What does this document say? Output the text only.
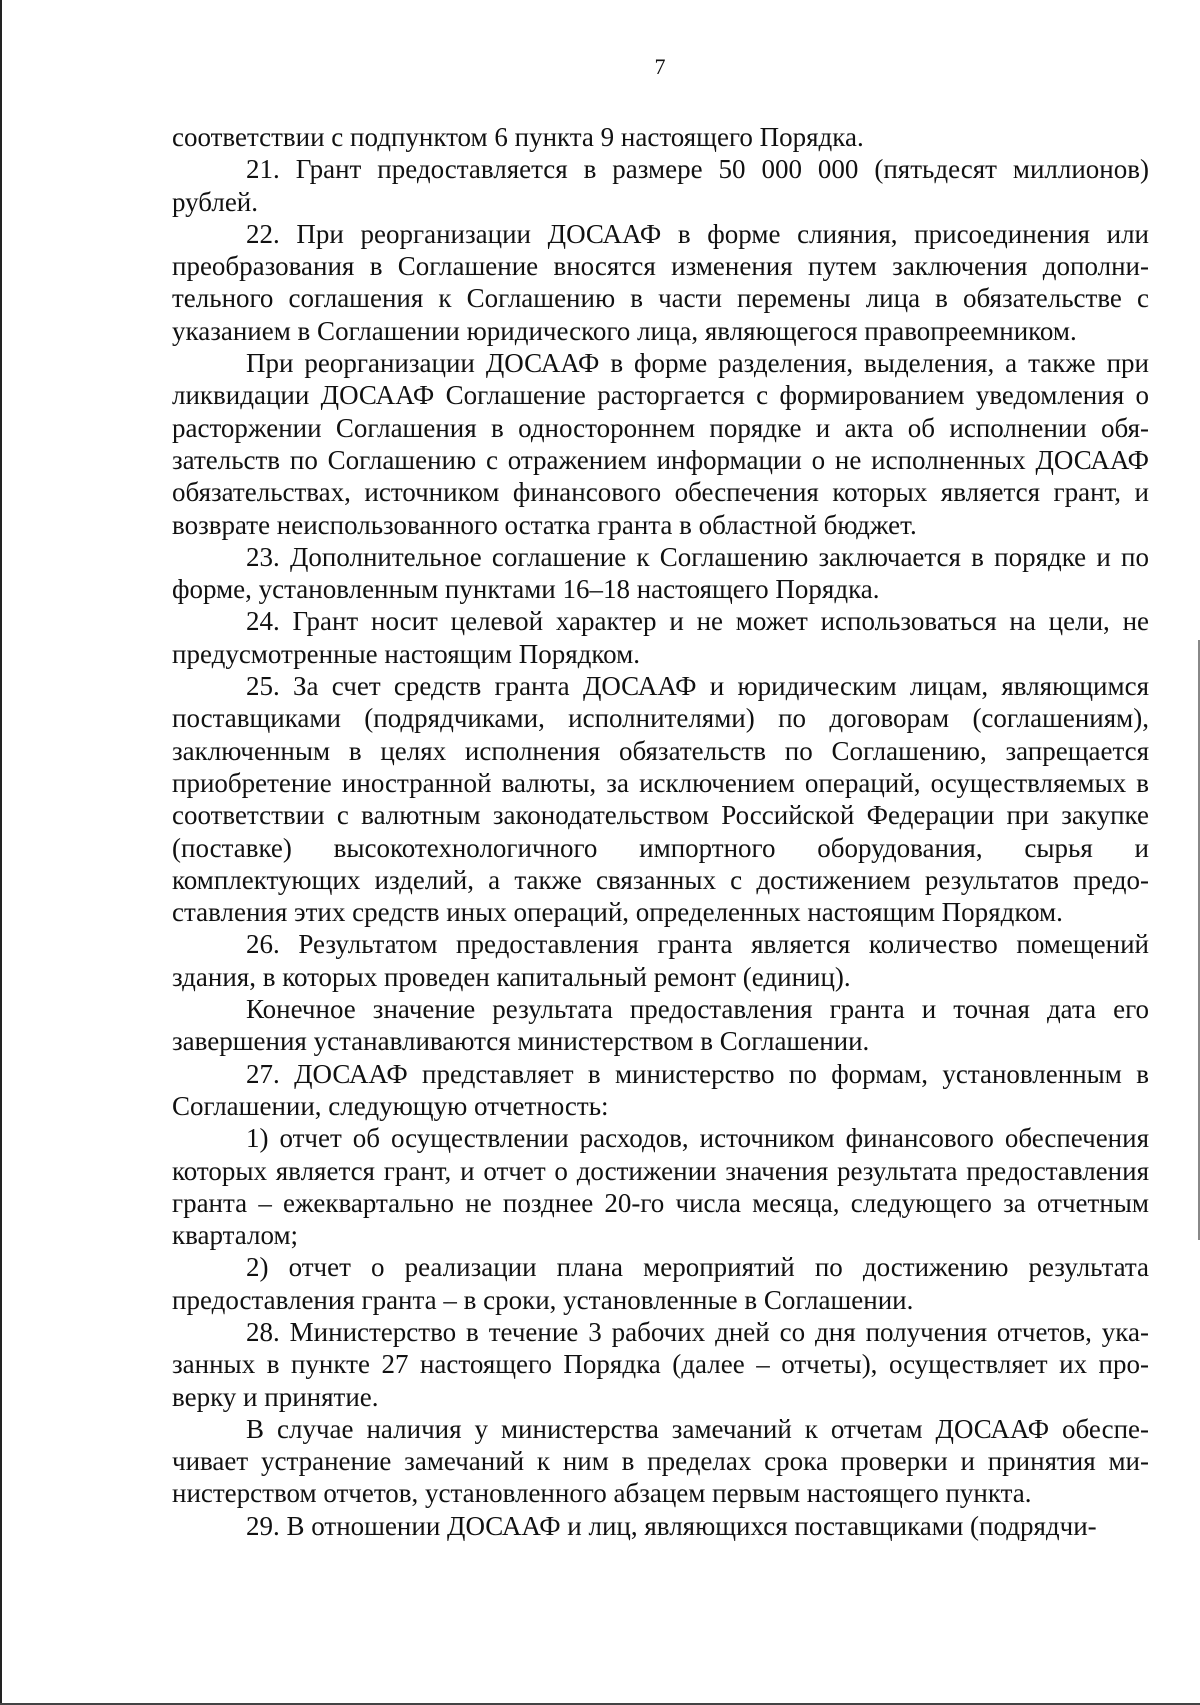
7

соответствии с подпунктом 6 пункта 9 настоящего Порядка.

21. Грант предоставляется в размере 50 000 000 (пятьдесят миллионов) рублей.

22. При реорганизации ДОСААФ в форме слияния, присоединения или преобразования в Соглашение вносятся изменения путем заключения дополнительного соглашения к Соглашению в части перемены лица в обязательстве с указанием в Соглашении юридического лица, являющегося правопреемником.

При реорганизации ДОСААФ в форме разделения, выделения, а также при ликвидации ДОСААФ Соглашение расторгается с формированием уведомления о расторжении Соглашения в одностороннем порядке и акта об исполнении обязательств по Соглашению с отражением информации о не исполненных ДОСААФ обязательствах, источником финансового обеспечения которых является грант, и возврате неиспользованного остатка гранта в областной бюджет.

23. Дополнительное соглашение к Соглашению заключается в порядке и по форме, установленным пунктами 16–18 настоящего Порядка.

24. Грант носит целевой характер и не может использоваться на цели, не предусмотренные настоящим Порядком.

25. За счет средств гранта ДОСААФ и юридическим лицам, являющимся поставщиками (подрядчиками, исполнителями) по договорам (соглашениям), заключенным в целях исполнения обязательств по Соглашению, запрещается приобретение иностранной валюты, за исключением операций, осуществляемых в соответствии с валютным законодательством Российской Федерации при закупке (поставке) высокотехнологичного импортного оборудования, сырья и комплектующих изделий, а также связанных с достижением результатов предоставления этих средств иных операций, определенных настоящим Порядком.

26. Результатом предоставления гранта является количество помещений здания, в которых проведен капитальный ремонт (единиц).

Конечное значение результата предоставления гранта и точная дата его завершения устанавливаются министерством в Соглашении.

27. ДОСААФ представляет в министерство по формам, установленным в Соглашении, следующую отчетность:

1) отчет об осуществлении расходов, источником финансового обеспечения которых является грант, и отчет о достижении значения результата предоставления гранта – ежеквартально не позднее 20-го числа месяца, следующего за отчетным кварталом;

2) отчет о реализации плана мероприятий по достижению результата предоставления гранта – в сроки, установленные в Соглашении.

28. Министерство в течение 3 рабочих дней со дня получения отчетов, указанных в пункте 27 настоящего Порядка (далее – отчеты), осуществляет их проверку и принятие.

В случае наличия у министерства замечаний к отчетам ДОСААФ обеспечивает устранение замечаний к ним в пределах срока проверки и принятия министерством отчетов, установленного абзацем первым настоящего пункта.

29. В отношении ДОСААФ и лиц, являющихся поставщиками (подрядчи-
